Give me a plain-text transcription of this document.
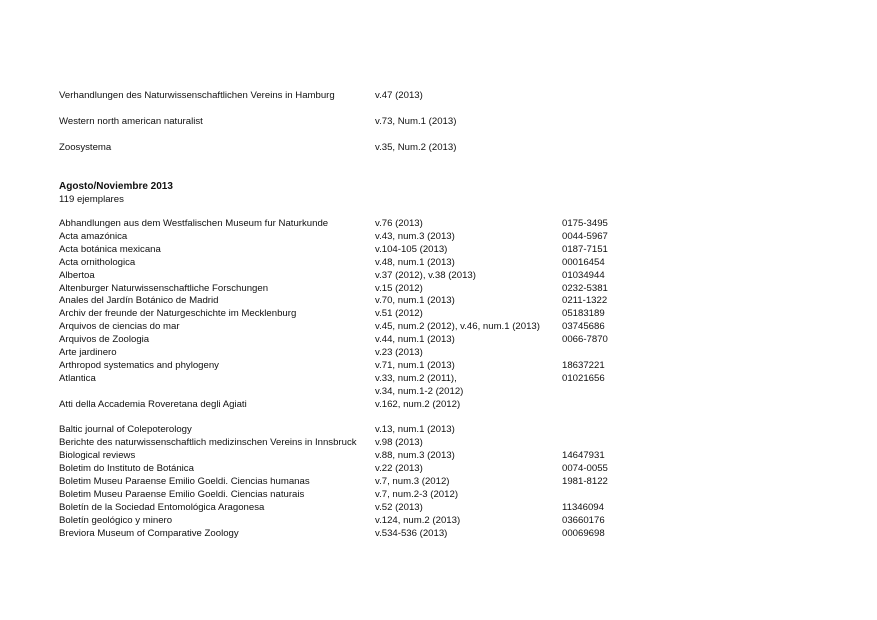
Verhandlungen des Naturwissenschaftlichen Vereins in Hamburg	v.47 (2013)
Western north american naturalist	v.73, Num.1 (2013)
Zoosystema	v.35, Num.2 (2013)
Agosto/Noviembre 2013
119 ejemplares
Abhandlungen aus dem Westfalischen Museum fur Naturkunde	v.76 (2013)	0175-3495
Acta amazónica	v.43, num.3 (2013)	0044-5967
Acta botánica mexicana	v.104-105 (2013)	0187-7151
Acta ornithologica	v.48, num.1 (2013)	00016454
Albertoa	v.37 (2012), v.38 (2013)	01034944
Altenburger Naturwissenschaftliche Forschungen	v.15 (2012)	0232-5381
Anales del Jardín Botánico de Madrid	v.70, num.1 (2013)	0211-1322
Archiv der freunde der Naturgeschichte im Mecklenburg	v.51 (2012)	05183189
Arquivos de ciencias do mar	v.45, num.2 (2012), v.46, num.1 (2013) 03745686
Arquivos de Zoologia	v.44, num.1 (2013)	0066-7870
Arte jardinero	v.23 (2013)
Arthropod systematics and phylogeny	v.71, num.1 (2013)	18637221
Atlantica	v.33, num.2 (2011),	01021656
v.34, num.1-2 (2012)
Atti della Accademia Roveretana degli Agiati	v.162, num.2 (2012)
Baltic journal of Colepoterology	v.13, num.1 (2013)
Berichte des naturwissenschaftlich medizinschen Vereins in Innsbruck	v.98 (2013)
Biological reviews	v.88, num.3 (2013)	14647931
Boletim do Instituto de Botánica	v.22 (2013)	0074-0055
Boletim Museu Paraense Emilio Goeldi. Ciencias humanas	v.7, num.3 (2012)	1981-8122
Boletim Museu Paraense Emilio Goeldi. Ciencias naturais	v.7, num.2-3 (2012)
Boletín de la Sociedad Entomológica Aragonesa	v.52 (2013)	11346094
Boletín geológico y minero	v.124, num.2 (2013)	03660176
Breviora Museum of Comparative Zoology	v.534-536 (2013)	00069698
